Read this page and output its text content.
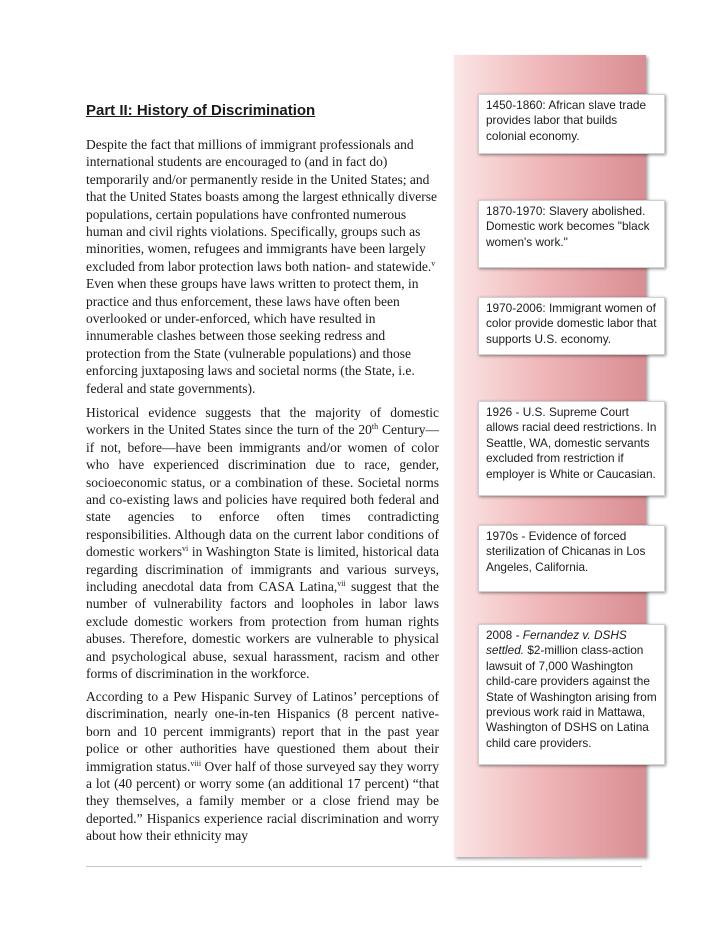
Part II: History of Discrimination

Despite the fact that millions of immigrant professionals and international students are encouraged to (and in fact do) temporarily and/or permanently reside in the United States; and that the United States boasts among the largest ethnically diverse populations, certain populations have confronted numerous human and civil rights violations. Specifically, groups such as minorities, women, refugees and immigrants have been largely excluded from labor protection laws both nation- and statewide.$^v$ Even when these groups have laws written to protect them, in practice and thus enforcement, these laws have often been overlooked or under-enforced, which have resulted in innumerable clashes between those seeking redress and protection from the State (vulnerable populations) and those enforcing juxtaposing laws and societal norms (the State, i.e. federal and state governments).

Historical evidence suggests that the majority of domestic workers in the United States since the turn of the 20th Century—if not, before—have been immigrants and/or women of color who have experienced discrimination due to race, gender, socioeconomic status, or a combination of these. Societal norms and co-existing laws and policies have required both federal and state agencies to enforce often times contradicting responsibilities. Although data on the current labor conditions of domestic workers$^{vi}$ in Washington State is limited, historical data regarding discrimination of immigrants and various surveys, including anecdotal data from CASA Latina,$^{vii}$ suggest that the number of vulnerability factors and loopholes in labor laws exclude domestic workers from protection from human rights abuses. Therefore, domestic workers are vulnerable to physical and psychological abuse, sexual harassment, racism and other forms of discrimination in the workforce.

According to a Pew Hispanic Survey of Latinos’ perceptions of discrimination, nearly one-in-ten Hispanics (8 percent native-born and 10 percent immigrants) report that in the past year police or other authorities have questioned them about their immigration status.$^{viii}$ Over half of those surveyed say they worry a lot (40 percent) or worry some (an additional 17 percent) “that they themselves, a family member or a close friend may be deported.” Hispanics experience racial discrimination and worry about how their ethnicity may

1450-1860: African slave trade provides labor that builds colonial economy.
1870-1970: Slavery abolished. Domestic work becomes "black women's work."
1970-2006: Immigrant women of color provide domestic labor that supports U.S. economy.
1926 - U.S. Supreme Court allows racial deed restrictions. In Seattle, WA, domestic servants excluded from restriction if employer is White or Caucasian.
1970s - Evidence of forced sterilization of Chicanas in Los Angeles, California.
2008 - Fernandez v. DSHS settled. $2-million class-action lawsuit of 7,000 Washington child-care providers against the State of Washington arising from previous work raid in Mattawa, Washington of DSHS on Latina child care providers.
